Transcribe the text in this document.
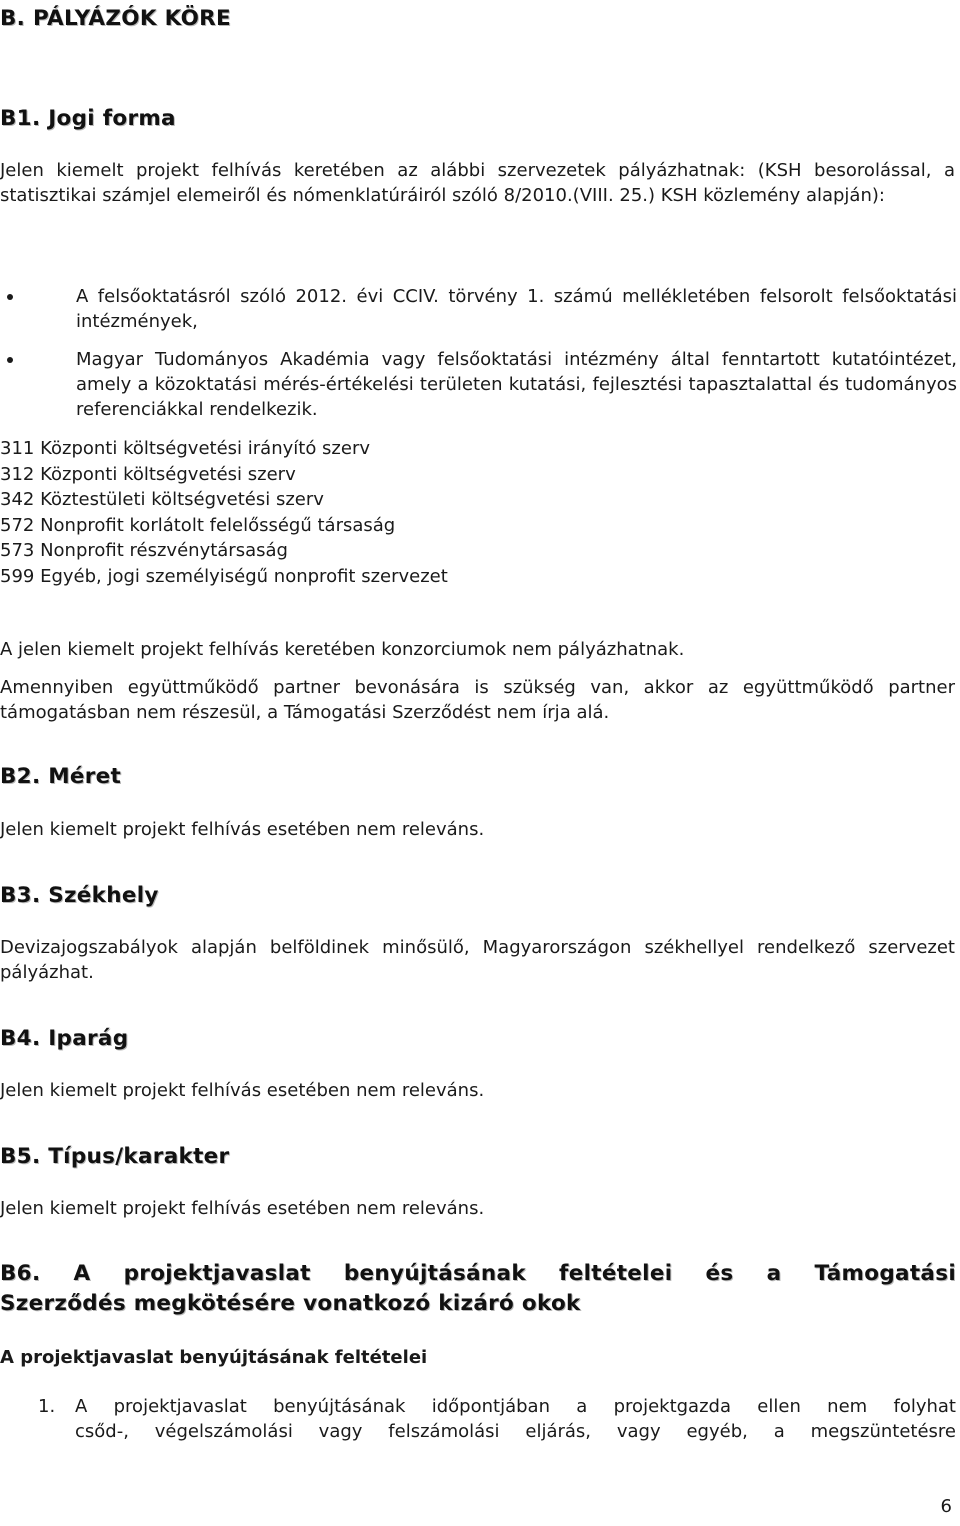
B. PÁLYÁZÓK KÖRE
B1. Jogi forma
Jelen kiemelt projekt felhívás keretében az alábbi szervezetek pályázhatnak: (KSH besorolással, a statisztikai számjel elemeiről és nómenklatúráiról szóló 8/2010.(VIII. 25.) KSH közlemény alapján):
A felsőoktatásról szóló 2012. évi CCIV. törvény 1. számú mellékletében felsorolt felsőoktatási intézmények,
Magyar Tudományos Akadémia vagy felsőoktatási intézmény által fenntartott kutatóintézet, amely a közoktatási mérés-értékelési területen kutatási, fejlesztési tapasztalattal és tudományos referenciákkal rendelkezik.
311 Központi költségvetési irányító szerv
312 Központi költségvetési szerv
342 Köztestületi költségvetési szerv
572 Nonprofit korlátolt felelősségű társaság
573 Nonprofit részvénytársaság
599 Egyéb, jogi személyiségű nonprofit szervezet
A jelen kiemelt projekt felhívás keretében konzorciumok nem pályázhatnak.
Amennyiben együttműködő partner bevonására is szükség van, akkor az együttműködő partner támogatásban nem részesül, a Támogatási Szerződést nem írja alá.
B2. Méret
Jelen kiemelt projekt felhívás esetében nem releváns.
B3. Székhely
Devizajogszabályok alapján belföldinek minősülő, Magyarországon székhellyel rendelkező szervezet pályázhat.
B4. Iparág
Jelen kiemelt projekt felhívás esetében nem releváns.
B5. Típus/karakter
Jelen kiemelt projekt felhívás esetében nem releváns.
B6. A projektjavaslat benyújtásának feltételei és a Támogatási
Szerződés megkötésére vonatkozó kizáró okok
A projektjavaslat benyújtásának feltételei
1. A projektjavaslat benyújtásának időpontjában a projektgazda ellen nem folyhat
csőd-, végelszámolási vagy felszámolási eljárás, vagy egyéb, a megszüntetésre
6
